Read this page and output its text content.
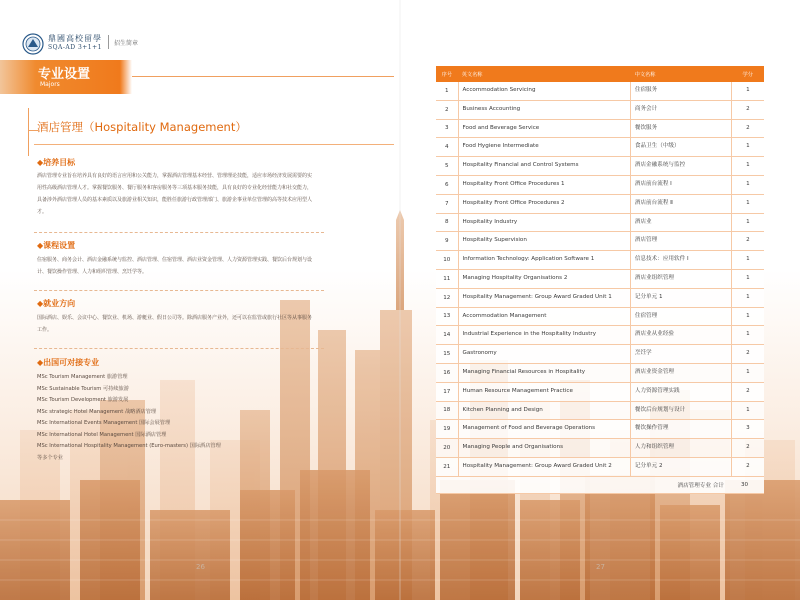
鼎國高校留學
SQA-AD 3+1+1
招生简章
专业设置
Majors
酒店管理（Hospitality Management）
◆培养目标
酒店管理专业旨在培养具有良好的语言应用和公关能力，掌握酒店管理基本经营、管理理论技能，适应市场经济发展需要的实用性高级酒店管理人才。掌握餐饮服务、餐厅服务和客房服务等三项基本服务技能，具有良好的专业化经营能力和社交能力，具备涉外酒店管理人员的基本素质以及旅游业相关知识，能胜任旅游行政管理部门、旅游企事业单位管理的高等技术应用型人才。
◆课程设置
住宿服务、商务会计、酒店金融系统与监控、酒店管理、住宿管理、酒店业资金管理、人力资源管理实践、餐饮后台规划与设计、餐饮操作管理、人力和组织管理、烹饪学等。
◆就业方向
国际酒店、娱乐、会议中心、餐饮业、机场、游艇业、假日公司等。除酒店服务产业外，还可以在监管或旅行社区等从事服务工作。
◆出国可对接专业
MSc Tourism Management 旅游管理
MSc Sustainable Tourism 可持续旅游
MSc Tourism Development 旅游发展
MSc strategic Hotel Management 战略酒店管理
MSc International Events Management 国际会展管理
MSc International Hotel Management 国际酒店管理
MSc International Hospitality Management (Euro-masters) 国际酒店管理
等多个专业
26	27
序号	英文名称	中文名称	学分
1	Accommodation Servicing	住宿服务	1
2	Business Accounting	商务会计	2
3	Food and Beverage Service	餐饮服务	2
4	Food Hygiene Intermediate	食品卫生（中级）	1
5	Hospitality Financial and Control Systems	酒店金融系统与监控	1
6	Hospitality Front Office Procedures 1	酒店前台流程 Ⅰ	1
7	Hospitality Front Office Procedures 2	酒店前台流程 Ⅱ	1
8	Hospitality Industry	酒店业	1
9	Hospitality Supervision	酒店管理	2
10	Information Technology: Application Software 1	信息技术：应用软件 Ⅰ	1
11	Managing Hospitality Organisations 2	酒店业组织管理	1
12	Hospitality Management: Group Award Graded Unit 1	记分单元 1	1
13	Accommodation Management	住宿管理	1
14	Industrial Experience in the Hospitality Industry	酒店业从业经验	1
15	Gastronomy	烹饪学	2
16	Managing Financial Resources in Hospitality	酒店业资金管理	1
17	Human Resource Management Practice	人力资源管理实践	2
18	Kitchen Planning and Design	餐饮后台规划与设计	1
19	Management of Food and Beverage Operations	餐饮操作管理	3
20	Managing People and Organisations	人力和组织管理	2
21	Hospitality Management: Group Award Graded Unit 2	记分单元 2	2
酒店管理专业 合计	30
